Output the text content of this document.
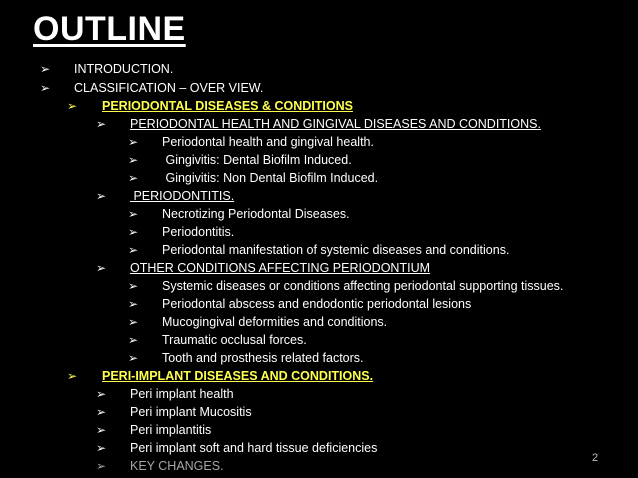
OUTLINE
➢ INTRODUCTION.
➢ CLASSIFICATION – OVER VIEW.
➢ PERIODONTAL DISEASES & CONDITIONS
➢ PERIODONTAL HEALTH AND GINGIVAL DISEASES AND CONDITIONS.
➢ Periodontal health and gingival health.
➢ Gingivitis: Dental Biofilm Induced.
➢ Gingivitis: Non Dental Biofilm Induced.
➢ PERIODONTITIS.
➢ Necrotizing Periodontal Diseases.
➢ Periodontitis.
➢ Periodontal manifestation of systemic diseases and conditions.
➢ OTHER CONDITIONS AFFECTING PERIODONTIUM
➢ Systemic diseases or conditions affecting periodontal supporting tissues.
➢ Periodontal abscess and endodontic periodontal lesions
➢ Mucogingival deformities and conditions.
➢ Traumatic occlusal forces.
➢ Tooth and prosthesis related factors.
➢ PERI-IMPLANT DISEASES AND CONDITIONS.
➢ Peri implant health
➢ Peri implant Mucositis
➢ Peri implantitis
➢ Peri implant soft and hard tissue deficiencies
➢ KEY CHANGES.
2
